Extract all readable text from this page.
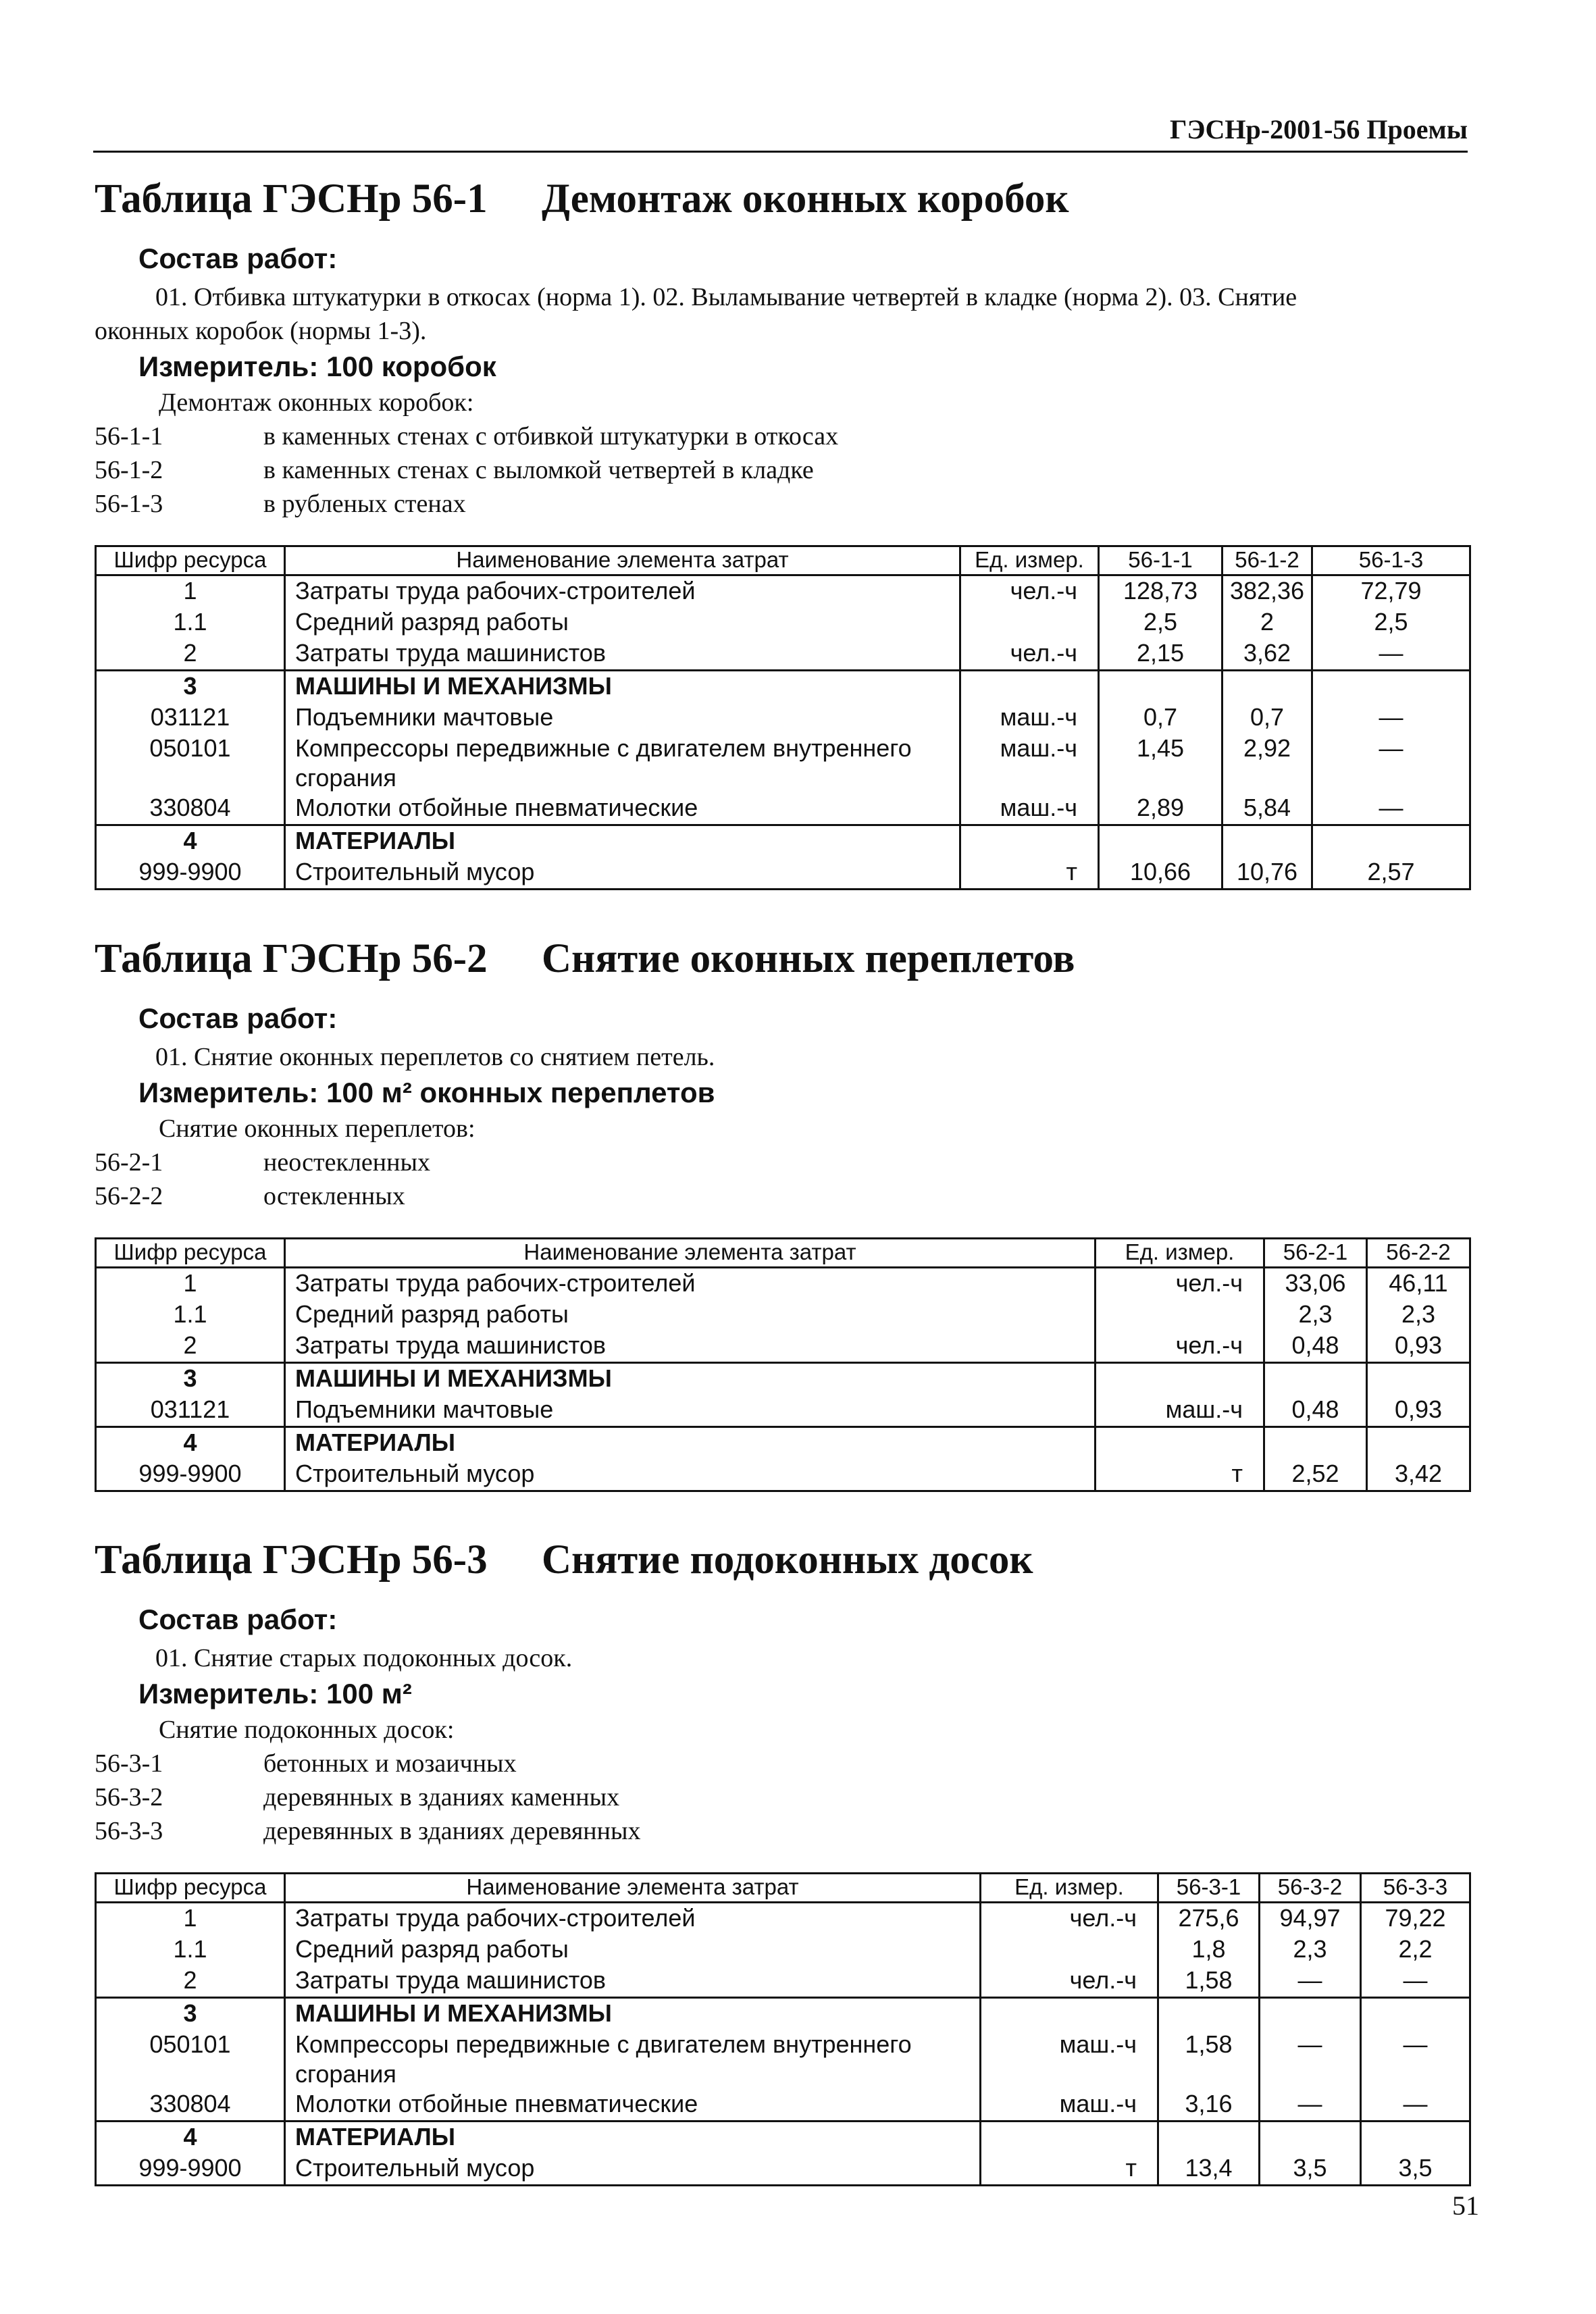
ГЭСНр-2001-56 Проемы
Таблица ГЭСНр 56-1 Демонтаж оконных коробок
Состав работ:
01. Отбивка штукатурки в откосах (норма 1). 02. Выламывание четвертей в кладке (норма 2). 03. Снятие
оконных коробок (нормы 1-3).
Измеритель: 100 коробок
Демонтаж оконных коробок:
56-1-1	в каменных стенах с отбивкой штукатурки в откосах
56-1-2	в каменных стенах с выломкой четвертей в кладке
56-1-3	в рубленых стенах
Шифр ресурса	Наименование элемента затрат	Ед. измер.	56-1-1	56-1-2	56-1-3
1	Затраты труда рабочих-строителей	чел.-ч	128,73	382,36	72,79
1.1	Средний разряд работы		2,5	2	2,5
2	Затраты труда машинистов	чел.-ч	2,15	3,62	—
3	МАШИНЫ И МЕХАНИЗМЫ				
031121	Подъемники мачтовые	маш.-ч	0,7	0,7	—
050101	Компрессоры передвижные с двигателем внутреннего сгорания	маш.-ч	1,45	2,92	—
330804	Молотки отбойные пневматические	маш.-ч	2,89	5,84	—
4	МАТЕРИАЛЫ				
999-9900	Строительный мусор	т	10,66	10,76	2,57
Таблица ГЭСНр 56-2 Снятие оконных переплетов
Состав работ:
01. Снятие оконных переплетов со снятием петель.
Измеритель: 100 м² оконных переплетов
Снятие оконных переплетов:
56-2-1	неостекленных
56-2-2	остекленных
Шифр ресурса	Наименование элемента затрат	Ед. измер.	56-2-1	56-2-2
1	Затраты труда рабочих-строителей	чел.-ч	33,06	46,11
1.1	Средний разряд работы		2,3	2,3
2	Затраты труда машинистов	чел.-ч	0,48	0,93
3	МАШИНЫ И МЕХАНИЗМЫ			
031121	Подъемники мачтовые	маш.-ч	0,48	0,93
4	МАТЕРИАЛЫ			
999-9900	Строительный мусор	т	2,52	3,42
Таблица ГЭСНр 56-3 Снятие подоконных досок
Состав работ:
01. Снятие старых подоконных досок.
Измеритель: 100 м²
Снятие подоконных досок:
56-3-1	бетонных и мозаичных
56-3-2	деревянных в зданиях каменных
56-3-3	деревянных в зданиях деревянных
Шифр ресурса	Наименование элемента затрат	Ед. измер.	56-3-1	56-3-2	56-3-3
1	Затраты труда рабочих-строителей	чел.-ч	275,6	94,97	79,22
1.1	Средний разряд работы		1,8	2,3	2,2
2	Затраты труда машинистов	чел.-ч	1,58	—	—
3	МАШИНЫ И МЕХАНИЗМЫ				
050101	Компрессоры передвижные с двигателем внутреннего сгорания	маш.-ч	1,58	—	—
330804	Молотки отбойные пневматические	маш.-ч	3,16	—	—
4	МАТЕРИАЛЫ				
999-9900	Строительный мусор	т	13,4	3,5	3,5
51
